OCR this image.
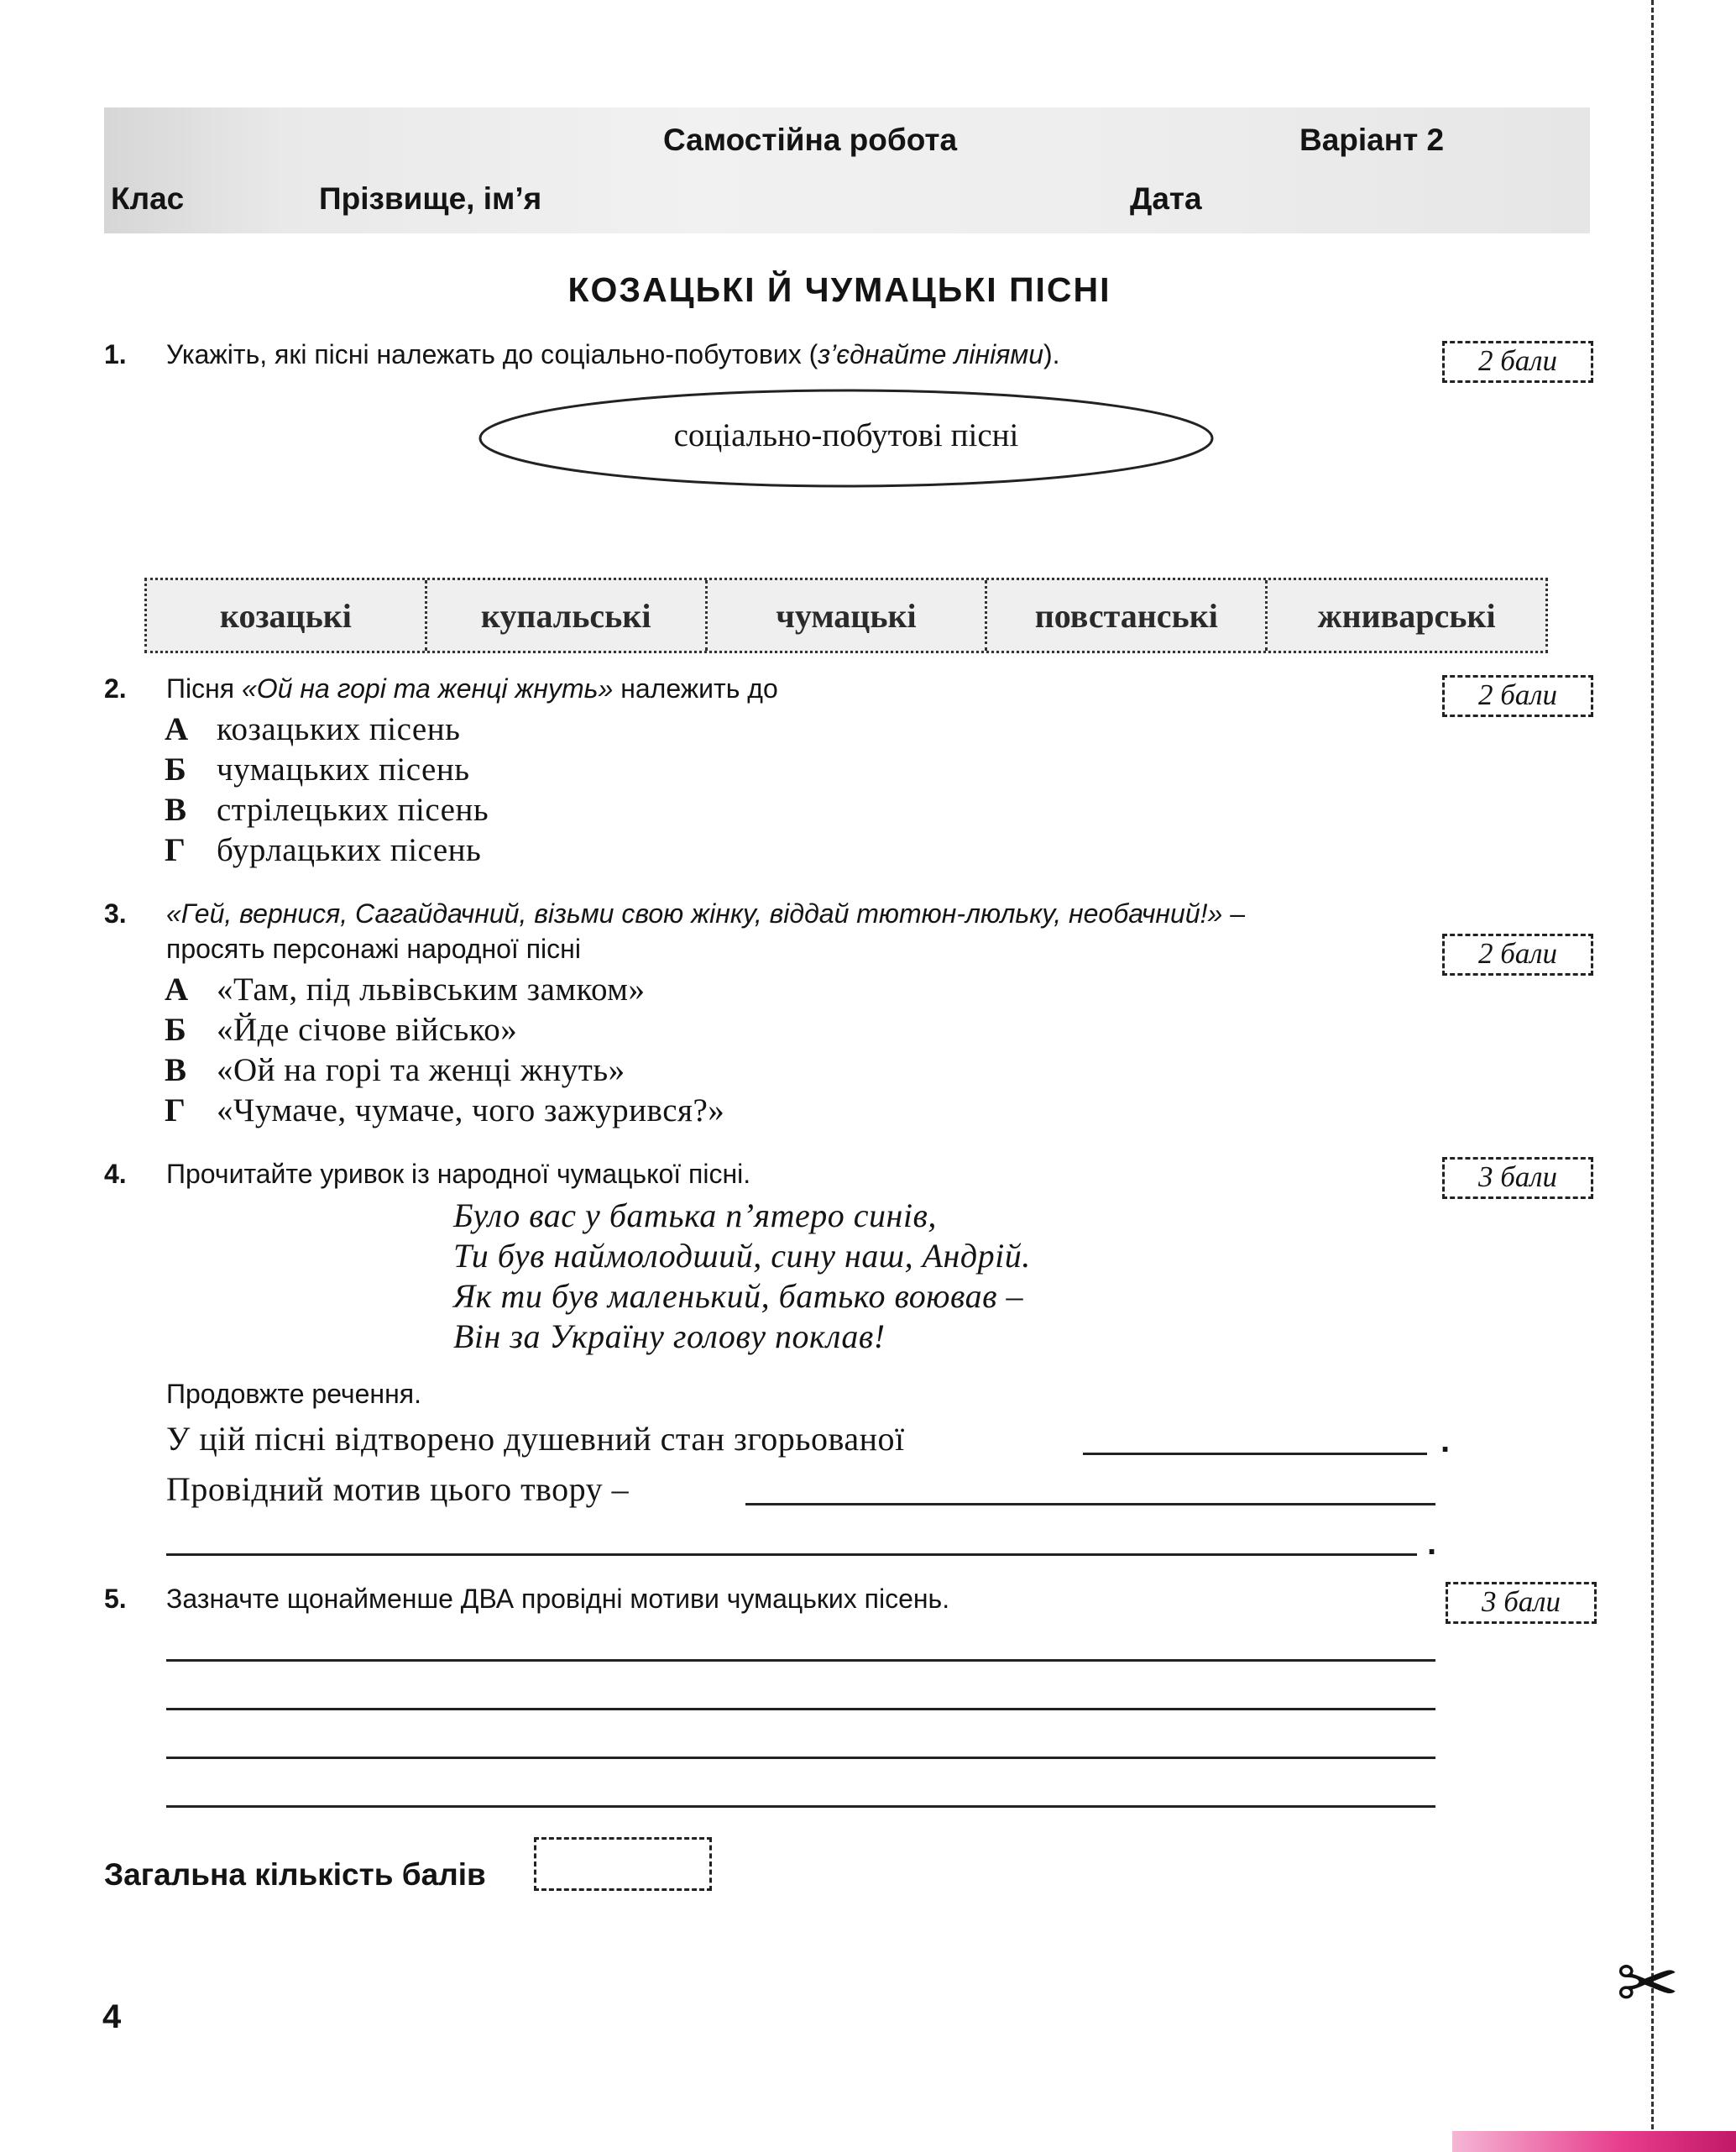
✂
Самостійна робота	Варіант 2
Клас	Прізвище, ім’я	Дата
КОЗАЦЬКІ Й ЧУМАЦЬКІ ПІСНІ
1. Укажіть, які пісні належать до соціально-побутових (з’єднайте лініями).	2 бали
соціально-побутові пісні
козацькі	купальські	чумацькі	повстанські	жниварські
2. Пісня «Ой на горі та женці жнуть» належить до	2 бали
А козацьких пісень
Б чумацьких пісень
В стрілецьких пісень
Г бурлацьких пісень
3. «Гей, вернися, Сагайдачний, візьми свою жінку, віддай тютюн-люльку, необачний!» –
просять персонажі народної пісні	2 бали
А «Там, під львівським замком»
Б «Йде січове військо»
В «Ой на горі та женці жнуть»
Г «Чумаче, чумаче, чого зажурився?»
4. Прочитайте уривок із народної чумацької пісні.	3 бали
Було вас у батька п’ятеро синів,
Ти був наймолодший, сину наш, Андрій.
Як ти був маленький, батько воював –
Він за Україну голову поклав!
Продовжте речення.
У цій пісні відтворено душевний стан згорьованої	.
Провідний мотив цього твору –
.
5. Зазначте щонайменше ДВА провідні мотиви чумацьких пісень.	3 бали
Загальна кількість балів
4
